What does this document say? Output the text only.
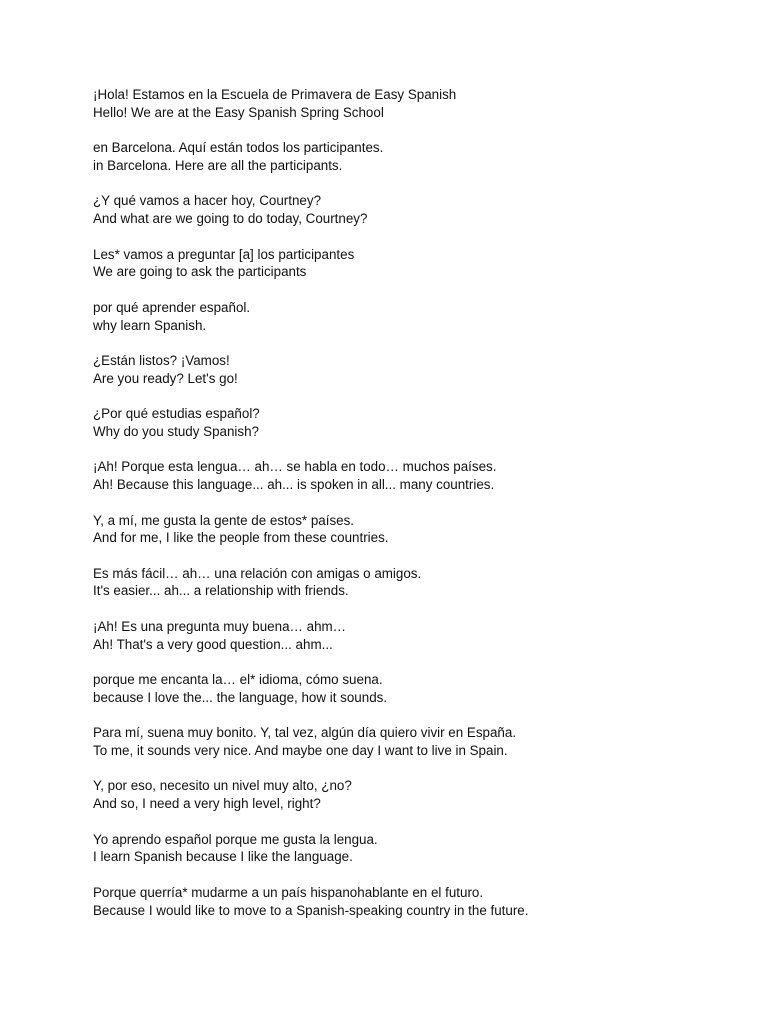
¡Hola! Estamos en la Escuela de Primavera de Easy Spanish
Hello! We are at the Easy Spanish Spring School
en Barcelona. Aquí están todos los participantes.
in Barcelona. Here are all the participants.
¿Y qué vamos a hacer hoy, Courtney?
And what are we going to do today, Courtney?
Les* vamos a preguntar [a] los participantes
We are going to ask the participants
por qué aprender español.
why learn Spanish.
¿Están listos? ¡Vamos!
Are you ready? Let's go!
¿Por qué estudias español?
Why do you study Spanish?
¡Ah! Porque esta lengua… ah… se habla en todo… muchos países.
Ah! Because this language... ah... is spoken in all... many countries.
Y, a mí, me gusta la gente de estos* países.
And for me, I like the people from these countries.
Es más fácil… ah… una relación con amigas o amigos.
It's easier... ah... a relationship with friends.
¡Ah! Es una pregunta muy buena… ahm…
Ah! That's a very good question... ahm...
porque me encanta la… el* idioma, cómo suena.
because I love the... the language, how it sounds.
Para mí, suena muy bonito. Y, tal vez, algún día quiero vivir en España.
To me, it sounds very nice. And maybe one day I want to live in Spain.
Y, por eso, necesito un nivel muy alto, ¿no?
And so, I need a very high level, right?
Yo aprendo español porque me gusta la lengua.
I learn Spanish because I like the language.
Porque querría* mudarme a un país hispanohablante en el futuro.
Because I would like to move to a Spanish-speaking country in the future.
